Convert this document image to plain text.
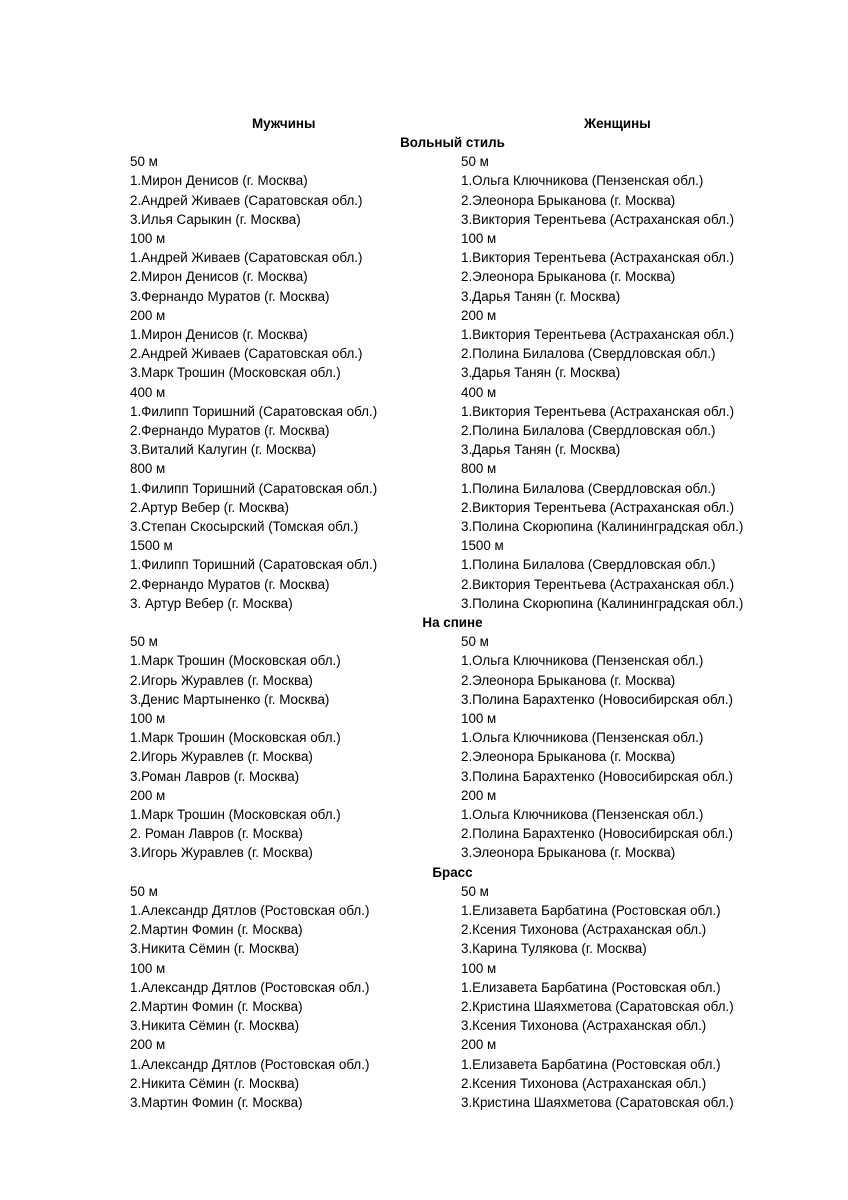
Мужчины	Женщины
Вольный стиль
50 м	50 м
1.Мирон Денисов (г. Москва)	1.Ольга Ключникова (Пензенская обл.)
2.Андрей Живаев (Саратовская обл.)	2.Элеонора Брыканова (г. Москва)
3.Илья Сарыкин (г. Москва)	3.Виктория Терентьева (Астраханская обл.)
100 м	100 м
1.Андрей Живаев (Саратовская обл.)	1.Виктория Терентьева (Астраханская обл.)
2.Мирон Денисов (г. Москва)	2.Элеонора Брыканова (г. Москва)
3.Фернандо Муратов (г. Москва)	3.Дарья Танян (г. Москва)
200 м	200 м
1.Мирон Денисов (г. Москва)	1.Виктория Терентьева (Астраханская обл.)
2.Андрей Живаев (Саратовская обл.)	2.Полина Билалова (Свердловская обл.)
3.Марк Трошин (Московская обл.)	3.Дарья Танян (г. Москва)
400 м	400 м
1.Филипп Торишний (Саратовская обл.)	1.Виктория Терентьева (Астраханская обл.)
2.Фернандо Муратов (г. Москва)	2.Полина Билалова (Свердловская обл.)
3.Виталий Калугин (г. Москва)	3.Дарья Танян (г. Москва)
800 м	800 м
1.Филипп Торишний (Саратовская обл.)	1.Полина Билалова (Свердловская обл.)
2.Артур Вебер (г. Москва)	2.Виктория Терентьева (Астраханская обл.)
3.Степан Скосырский (Томская обл.)	3.Полина Скорюпина (Калининградская обл.)
1500 м	1500 м
1.Филипп Торишний (Саратовская обл.)	1.Полина Билалова (Свердловская обл.)
2.Фернандо Муратов (г. Москва)	2.Виктория Терентьева (Астраханская обл.)
3. Артур Вебер (г. Москва)	3.Полина Скорюпина (Калининградская обл.)
На спине
50 м	50 м
1.Марк Трошин (Московская обл.)	1.Ольга Ключникова (Пензенская обл.)
2.Игорь Журавлев (г. Москва)	2.Элеонора Брыканова (г. Москва)
3.Денис Мартыненко (г. Москва)	3.Полина Барахтенко (Новосибирская обл.)
100 м	100 м
1.Марк Трошин (Московская обл.)	1.Ольга Ключникова (Пензенская обл.)
2.Игорь Журавлев (г. Москва)	2.Элеонора Брыканова (г. Москва)
3.Роман Лавров (г. Москва)	3.Полина Барахтенко (Новосибирская обл.)
200 м	200 м
1.Марк Трошин (Московская обл.)	1.Ольга Ключникова (Пензенская обл.)
2. Роман Лавров (г. Москва)	2.Полина Барахтенко (Новосибирская обл.)
3.Игорь Журавлев (г. Москва)	3.Элеонора Брыканова (г. Москва)
Брасс
50 м	50 м
1.Александр Дятлов (Ростовская обл.)	1.Елизавета Барбатина (Ростовская обл.)
2.Мартин Фомин (г. Москва)	2.Ксения Тихонова (Астраханская обл.)
3.Никита Сёмин (г. Москва)	3.Карина Тулякова (г. Москва)
100 м	100 м
1.Александр Дятлов (Ростовская обл.)	1.Елизавета Барбатина (Ростовская обл.)
2.Мартин Фомин (г. Москва)	2.Кристина Шаяхметова (Саратовская обл.)
3.Никита Сёмин (г. Москва)	3.Ксения Тихонова (Астраханская обл.)
200 м	200 м
1.Александр Дятлов (Ростовская обл.)	1.Елизавета Барбатина (Ростовская обл.)
2.Никита Сёмин (г. Москва)	2.Ксения Тихонова (Астраханская обл.)
3.Мартин Фомин (г. Москва)	3.Кристина Шаяхметова (Саратовская обл.)
